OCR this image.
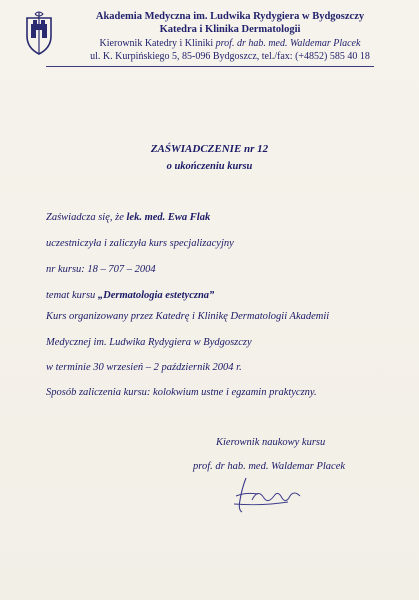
Akademia Medyczna im. Ludwika Rydygiera w Bydgoszczy
Katedra i Klinika Dermatologii
Kierownik Katedry i Kliniki prof. dr hab. med. Waldemar Placek
ul. K. Kurpińskiego 5, 85-096 Bydgoszcz, tel./fax: (+4852) 585 40 18
ZAŚWIADCZENIE nr 12
o ukończeniu kursu
Zaświadcza się, że lek. med. Ewa Flak
uczestniczyła i zaliczyła kurs specjalizacyjny
nr kursu: 18 – 707 – 2004
temat kursu „Dermatologia estetyczna”
Kurs organizowany przez Katedrę i Klinikę Dermatologii Akademii
Medycznej im. Ludwika Rydygiera w Bydgoszczy
w terminie 30 wrzesień – 2 październik 2004 r.
Sposób zaliczenia kursu: kolokwium ustne i egzamin praktyczny.
Kierownik naukowy kursu
prof. dr hab. med. Waldemar Placek
